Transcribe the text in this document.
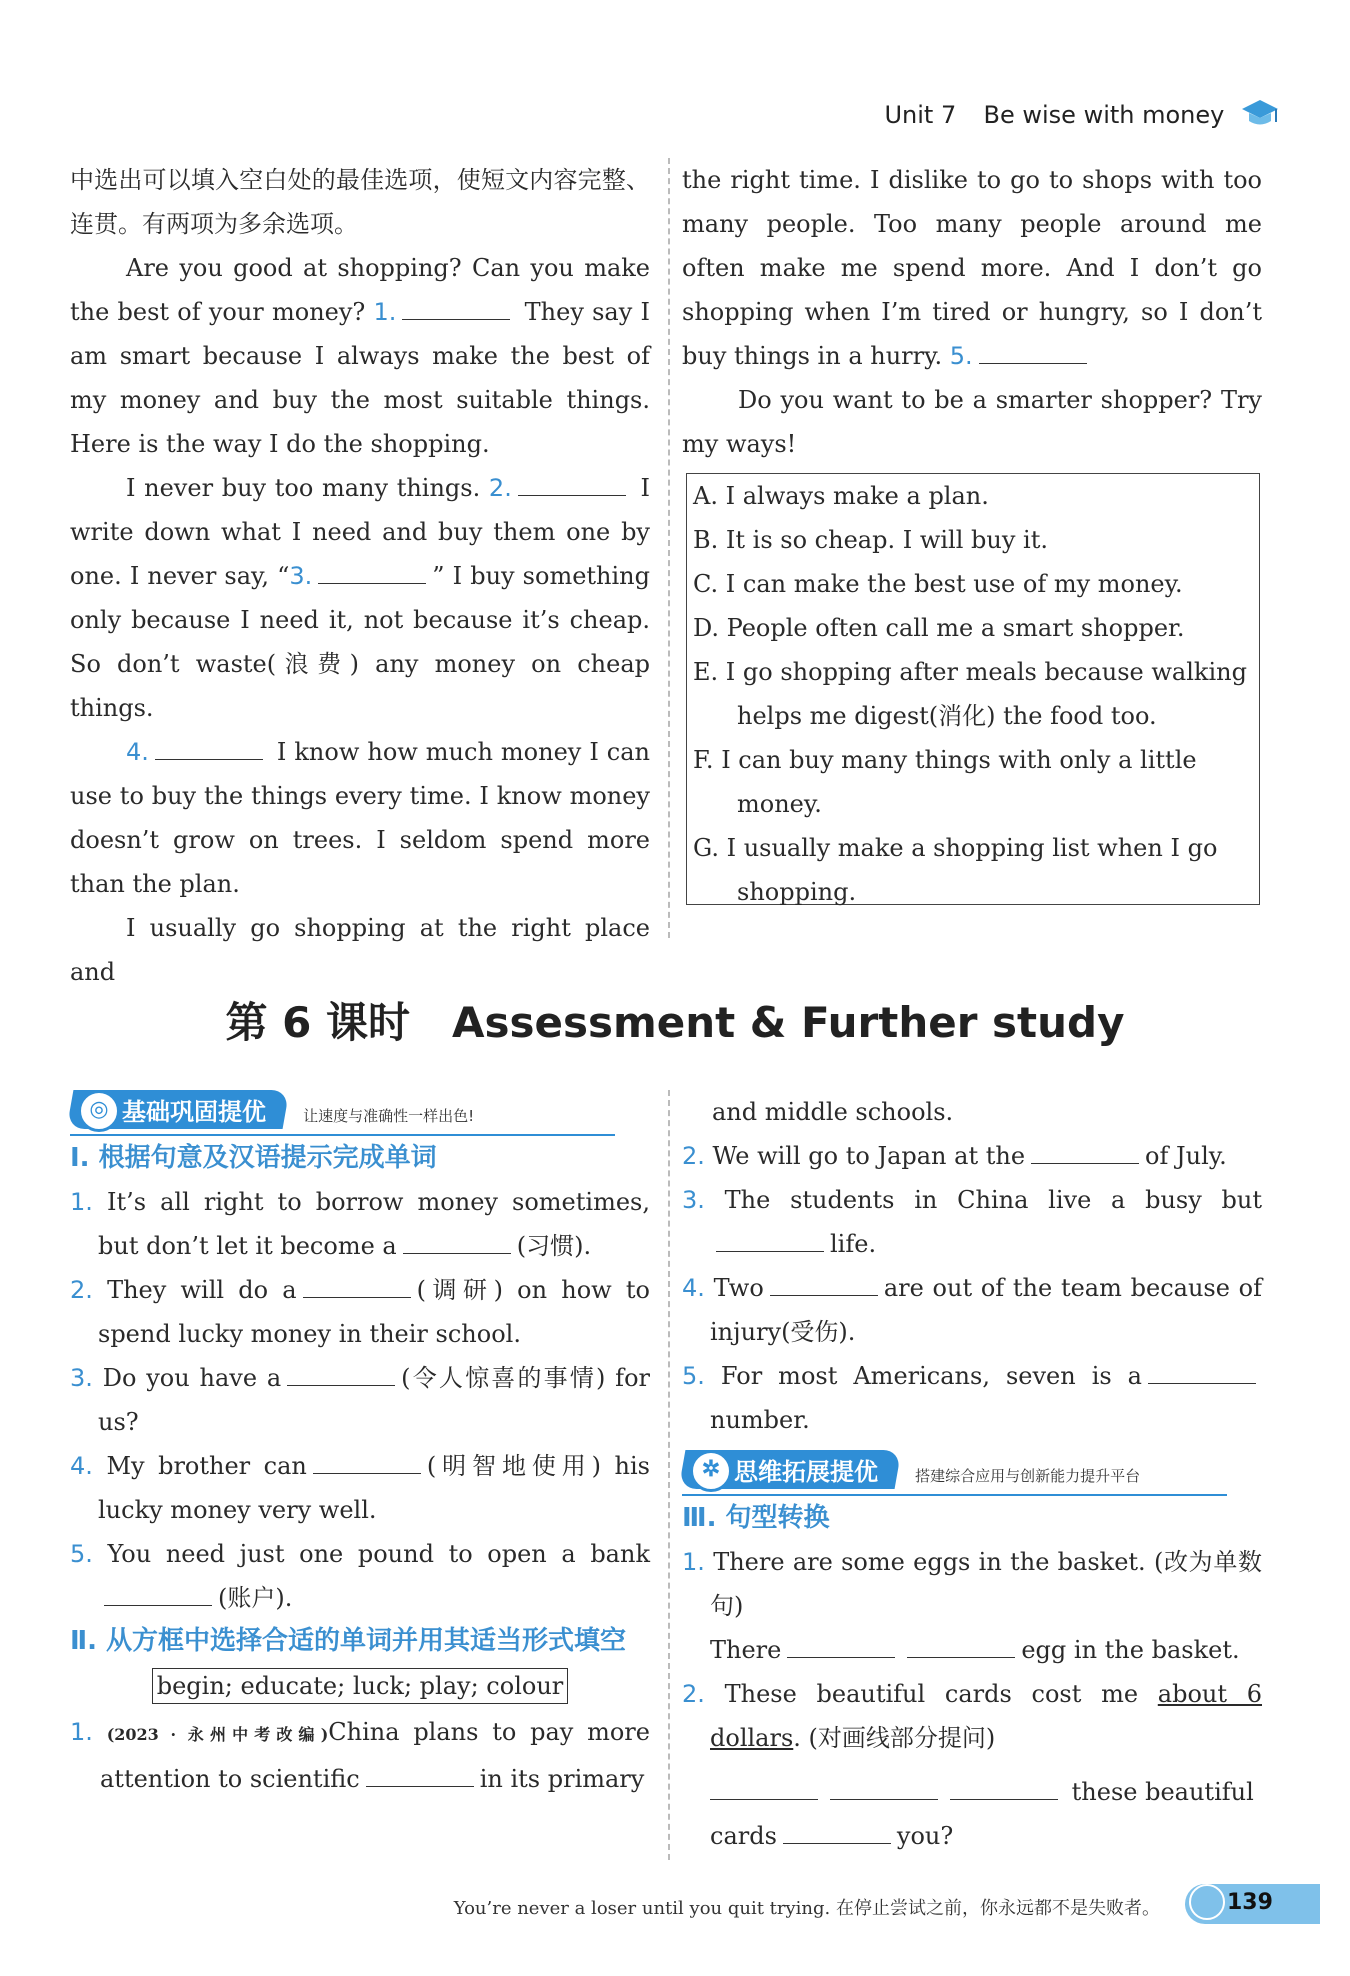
Unit 7 Be wise with money

中选出可以填入空白处的最佳选项，使短文内容完整、连贯。有两项为多余选项。

Are you good at shopping? Can you make the best of your money? 1.	They say I am smart because I always make the best of my money and buy the most suitable things. Here is the way I do the shopping.

I never buy too many things. 2.	I write down what I need and buy them one by one. I never say, “3.	” I buy something only because I need it, not because it’s cheap. So don’t waste(浪费) any money on cheap things.

4.	I know how much money I can use to buy the things every time. I know money doesn’t grow on trees. I seldom spend more than the plan.

I usually go shopping at the right place and

the right time. I dislike to go to shops with too many people. Too many people around me often make me spend more. And I don’t go shopping when I’m tired or hungry, so I don’t buy things in a hurry. 5.

Do you want to be a smarter shopper? Try my ways!

A. I always make a plan.

B. It is so cheap. I will buy it.

C. I can make the best use of my money.

D. People often call me a smart shopper.

E. I go shopping after meals because walking
helps me digest(消化) the food too.

F. I can buy many things with only a little
money.

G. I usually make a shopping list when I go
shopping.

第 6 课时　Assessment & Further study
◎ 基础巩固提优 让速度与准确性一样出色!

Ⅰ. 根据句意及汉语提示完成单词

1. It’s all right to borrow money sometimes, but don’t let it become a	(习惯).

2. They will do a	(调研) on how to spend lucky money in their school.

3. Do you have a	(令人惊喜的事情) for us?

4. My brother can	(明智地使用) his lucky money very well.

5. You need just one pound to open a bank(账户).

Ⅱ. 从方框中选择合适的单词并用其适当形式填空

begin; educate; luck; play; colour

1. (2023 · 永州中考改编)China plans to pay more attention to scientific	in its primary

and middle schools.

2. We will go to Japan at the	of July.

3. The students in China live a busy butlife.

4. Two	are out of the team because of injury(受伤).

5. For most Americans, seven is anumber.

✲ 思维拓展提优 搭建综合应用与创新能力提升平台

Ⅲ. 句型转换

1. There are some eggs in the basket. (改为单数句)

There	egg in the basket.

2. These beautiful cards cost me about 6 dollars. (对画线部分提问)

these beautiful
cards	you?

You’re never a loser until you quit trying. 在停止尝试之前，你永远都不是失败者。	139
